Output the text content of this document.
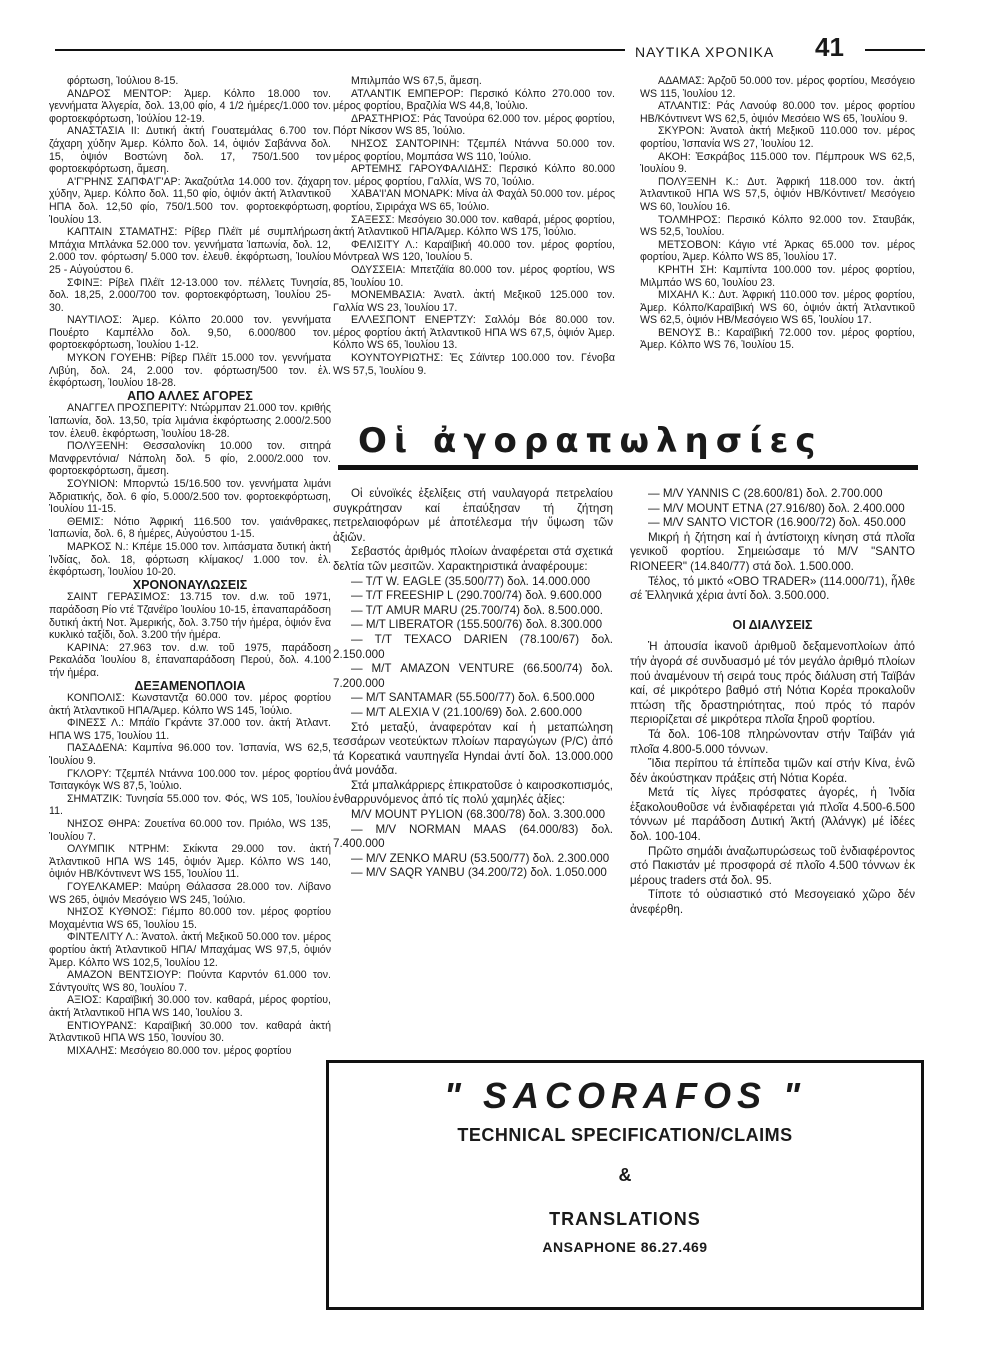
ΝΑΥΤΙΚΑ ΧΡΟΝΙΚΑ 41

φόρτωση, Ἰούλιου 8-15.

ΑΝΔΡΟΣ ΜΕΝΤΟΡ: Ἀμερ. Κόλπο 18.000 τον. γεννήματα Ἀλγερία, δολ. 13,00 φίο, 4 1/2 ἡμέρες/1.000 τον. φορτοεκφόρτωση, Ἰούλίου 12-19.

ΑΝΑΣΤΑΣΙΑ ΙΙ: Δυτική ἀκτή Γουατεμάλας 6.700 τον. ζάχαρη χύδην Ἀμερ. Κόλπο δολ. 14, ὀψιόν Σαβάννα δολ. 15, ὀψιόν Βοστώνη δολ. 17, 750/1.500 τον φορτοεκφόρτωση, ἄμεση.

Α'Γ'ΡΗΝΣ ΣΑΠΦΑ'Γ'ΑΡ: Ἀκαζούτλα 14.000 τον. ζάχαρη χύδην, Ἀμερ. Κόλπο δολ. 11,50 φίο, ὀψιόν ἀκτή Ἀτλαντικοῦ ΗΠΑ δολ. 12,50 φίο, 750/1.500 τον. φορτοεκφόρτωση, Ἰουλίου 13.

ΚΑΠΤΑΙΝ ΣΤΑΜΑΤΗΣ: Ρίβερ Πλέϊτ μέ συμπλήρωση Μπάχια Μπλάνκα 52.000 τον. γεννήματα Ἰαπωνία, δολ. 12, 2.000 τον. φόρτωση/ 5.000 τον. ἐλευθ. ἐκφόρτωση, Ἰουλίου 25 - Αὐγούστου 6.

ΣΦΙΝΞ: Ρίβελ Πλέϊτ 12-13.000 τον. πέλλετς Τυνησία, δολ. 18,25, 2.000/700 τον. φορτοεκφόρτωση, Ἰουλίου 25-30.

ΝΑΥΤΙΛΟΣ: Ἀμερ. Κόλπο 20.000 τον. γεννήματα Πουέρτο Καμπέλλο δολ. 9,50, 6.000/800 τον. φορτοεκφόρτωση, Ἰουλίου 1-12.

ΜΥΚΟΝ ΓΟΥΕΗΒ: Ρίβερ Πλέϊτ 15.000 τον. γεννήματα Λιβύη, δολ. 24, 2.000 τον. φόρτωση/500 τον. ἐλ. ἐκφόρτωση, Ἰουλίου 18-28.

ΑΠΟ ΑΛΛΕΣ ΑΓΟΡΕΣ

ΑΝΑΓΓΕΛ ΠΡΟΣΠΕΡΙΤΥ: Ντώρμπαν 21.000 τον. κριθής Ἰαπωνία, δολ. 13,50, τρία λιμάνια ἐκφόρτωσης 2.000/2.500 τον. ἐλευθ. ἐκφόρτωση, Ἰουλίου 18-28.

ΠΟΛΥΞΕΝΗ: Θεσσαλονίκη 10.000 τον. σιτηρά Μανφρεντόνια/ Νάπολη δολ. 5 φίο, 2.000/2.000 τον. φορτοεκφόρτωση, ἄμεση.

ΣΟΥΝΙΟΝ: Μπορντώ 15/16.500 τον. γεννήματα λιμάνι Ἀδριατικής, δολ. 6 φίο, 5.000/2.500 τον. φορτοεκφόρτωση, Ἰουλίου 11-15.

ΘΕΜΙΣ: Νότιο Ἀφρική 116.500 τον. γαιάνθρακες, Ἰαπωνία, δολ. 6, 8 ἡμέρες, Αὐγούστου 1-15.

ΜΑΡΚΟΣ Ν.: Κπέμε 15.000 τον. λιπάσματα δυτική ἀκτή Ἰνδίας, δολ. 18, φόρτωση κλίμακος/ 1.000 τον. ἐλ. ἐκφόρτωση, Ἰουλίου 10-20.

ΧΡΟΝΟΝΑΥΛΩΣΕΙΣ

ΣΑΙΝΤ ΓΕΡΑΣΙΜΟΣ: 13.715 τον. d.w. τοῦ 1971, παράδοση Ρίο ντέ Τζανέϊρο Ἰουλίου 10-15, ἐπαναπαράδοση δυτική ἀκτή Νοτ. Ἀμερικής, δολ. 3.750 τήν ἡμέρα, ὀψιόν ἕνα κυκλικό ταξίδι, δολ. 3.200 τήν ἡμέρα.

ΚΑΡΙΝΑ: 27.963 τον. d.w. τοῦ 1975, παράδοση Ρεκαλάδα Ἰουλίου 8, ἐπαναπαράδοση Περού, δολ. 4.100 τήν ἡμέρα.

ΔΕΞΑΜΕΝΟΠΛΟΙΑ

ΚΟΝΠΟΛΙΣ: Κωνσταντζα 60.000 τον. μέρος φορτίου ἀκτή Ἀτλαντικοῦ ΗΠΑ/Ἀμερ. Κόλπο WS 145, Ἰούλιο.

ΦΙΝΕΣΣ Λ.: Μπάϊο Γκράντε 37.000 τον. ἀκτή Ἀτλαντ. ΗΠΑ WS 175, Ἰουλίου 11.

ΠΑΣΑΔΕΝΑ: Καμπίνα 96.000 τον. Ἰσπανία, WS 62,5, Ἰουλίου 9.

ΓΚΛΟΡΥ: Τζεμπέλ Ντάννα 100.000 τον. μέρος φορτίου Τσιταγκόγκ WS 87,5, Ἰούλιο.

ΣΗΜΑΤΖΙΚ: Τυνησία 55.000 τον. Φός, WS 105, Ἰουλίου 11.

ΝΗΣΟΣ ΘΗΡΑ: Ζουετίνα 60.000 τον. Πριόλο, WS 135, Ἰουλίου 7.

ΟΛΥΜΠΙΚ ΝΤΡΗΜ: Σκίκντα 29.000 τον. ἀκτή Ἀτλαντικοῦ ΗΠΑ WS 145, ὀψιόν Ἀμερ. Κόλπο WS 140, ὀψιόν ΗΒ/Κόντινεντ WS 155, Ἰουλίου 11.

ΓΟΥΕΛΚΑΜΕΡ: Μαύρη Θάλασσα 28.000 τον. Λίβανο WS 265, ὀψιόν Μεσόγειο WS 245, Ἰούλιο.

ΝΗΣΟΣ ΚΥΘΝΟΣ: Γιέμπο 80.000 τον. μέρος φορτίου Μοχαμέντια WS 65, Ἰουλίου 15.

ΦΙΝΤΕΛΙΤΥ Λ.: Ἀνατολ. ἀκτή Μεξικοῦ 50.000 τον. μέρος φορτίου ἀκτή Ἀτλαντικοῦ ΗΠΑ/ Μπαχάμας WS 97,5, ὀψιόν Ἀμερ. Κόλπο WS 102,5, Ἰουλίου 12.

ΑΜΑΖΟΝ ΒΕΝΤΣΙΟΥΡ: Πούντα Καρντόν 61.000 τον. Σάντγουϊτς WS 80, Ἰουλίου 7.

ΑΞΙΟΣ: Καραϊβική 30.000 τον. καθαρά, μέρος φορτίου, ἀκτή Ἀτλαντικοῦ ΗΠΑ WS 140, Ἰουλίου 3.

ΕΝΤΙΟΥΡΑΝΣ: Καραϊβική 30.000 τον. καθαρά ἀκτή Ἀτλαντικοῦ ΗΠΑ WS 150, Ἰουνίου 30.

ΜΙΧΑΛΗΣ: Μεσόγειο 80.000 τον. μέρος φορτίου

Μπιλμπάο WS 67,5, ἄμεση.

ΑΤΛΑΝΤΙΚ ΕΜΠΕΡΟΡ: Περσικό Κόλπο 270.000 τον. μέρος φορτίου, Βραζιλία WS 44,8, Ἰούλιο.

ΔΡΑΣΤΗΡΙΟΣ: Ράς Τανούρα 62.000 τον. μέρος φορτίου, Πόρτ Νίκσον WS 85, Ἰούλιο.

ΝΗΣΟΣ ΣΑΝΤΟΡΙΝΗ: Τζεμπέλ Ντάννα 50.000 τον. μέρος φορτίου, Μομπάσα WS 110, Ἰούλιο.

ΑΡΤΕΜΗΣ ΓΑΡΟΥΦΑΛΙΔΗΣ: Περσικό Κόλπο 80.000 τον. μέρος φορτίου, Γαλλία, WS 70, Ἰούλιο.

ΧΑΒΑ'Ι'ΑΝ ΜΟΝΑΡΚ: Μίνα ἀλ Φαχάλ 50.000 τον. μέρος φορτίου, Σιριράχα WS 65, Ἰούλιο.

ΣΑΞΕΣΣ: Μεσόγειο 30.000 τον. καθαρά, μέρος φορτίου, ἀκτή Ἀτλαντικοῦ ΗΠΑ/Ἀμερ. Κόλπο WS 175, Ἰούλιο.

ΦΕΛΙΣΙΤΥ Λ.: Καραϊβική 40.000 τον. μέρος φορτίου, Μόντρεαλ WS 120, Ἰουλίου 5.

ΟΔΥΣΣΕΙΑ: Μπετζάϊα 80.000 τον. μέρος φορτίου, WS 85, Ἰουλίου 10.

ΜΟΝΕΜΒΑΣΙΑ: Ἀνατλ. ἀκτή Μεξικοῦ 125.000 τον. Γαλλία WS 23, Ἰουλίου 17.

ΕΛΛΕΣΠΟΝΤ ΕΝΕΡΤΖΥ: Σαλλόμ Βόε 80.000 τον. μέρος φορτίου ἀκτή Ἀτλαντικοῦ ΗΠΑ WS 67,5, ὀψιόν Ἀμερ. Κόλπο WS 65, Ἰουλίου 13.

ΚΟΥΝΤΟΥΡΙΩΤΗΣ: Ἐς Σάϊντερ 100.000 τον. Γένοβα WS 57,5, Ἰουλίου 9.

ΑΔΑΜΑΣ: Ἀρζοῦ 50.000 τον. μέρος φορτίου, Μεσόγειο WS 115, Ἰουλίου 12.

ΑΤΛΑΝΤΙΣ: Ράς Λανούφ 80.000 τον. μέρος φορτίου ΗΒ/Κόντινεντ WS 62,5, ὀψιόν Μεσόειο WS 65, Ἰουλίου 9.

ΣΚΥΡΟΝ: Ἀνατολ ἀκτή Μεξικοῦ 110.000 τον. μέρος φορτίου, Ἰσπανία WS 27, Ἰουλίου 12.

ΑΚΟΗ: Ἐσκράβος 115.000 τον. Πέμπρουκ WS 62,5, Ἰουλίου 9.

ΠΟΛΥΞΕΝΗ Κ.: Δυτ. Ἀφρική 118.000 τον. ἀκτή Ἀτλαντικοῦ ΗΠΑ WS 57,5, ὀψιόν ΗΒ/Κόντινετ/ Μεσόγειο WS 60, Ἰουλίου 16.

ΤΟΛΜΗΡΟΣ: Περσικό Κόλπο 92.000 τον. Σταυβάκ, WS 52,5, Ἰουλίου.

ΜΕΤΣΟΒΟΝ: Κάγιο ντέ Ἀρκας 65.000 τον. μέρος φορτίου, Ἀμερ. Κόλπο WS 85, Ἰουλίου 17.

ΚΡΗΤΗ ΣΗ: Καμπίντα 100.000 τον. μέρος φορτίου, Μιλμπάο WS 60, Ἰουλίου 23.

ΜΙΧΑΗΛ Κ.: Δυτ. Ἀφρική 110.000 τον. μέρος φορτίου, Ἀμερ. Κόλπο/Καραϊβική WS 60, ὀψιόν ἀκτή Ἀτλαντικοῦ WS 62,5, ὀψιόν ΗΒ/Μεσόγειο WS 65, Ἰουλίου 17.

ΒΕΝΟΥΣ Β.: Καραϊβική 72.000 τον. μέρος φορτίου, Ἀμερ. Κόλπο WS 76, Ἰουλίου 15.

Οἱ ἀγοραπωλησίες

Οἱ εὐνοϊκές ἐξελίξεις στή ναυλαγορά πετρελαίου συγκράτησαν καί ἐπαύξησαν τή ζήτηση πετρελαιοφόρων μέ ἀποτέλεσμα τήν ὕψωση τῶν ἀξιῶν.

Σεβαστός ἀριθμός πλοίων ἀναφέρεται στά σχετικά δελτία τῶν μεσιτῶν. Χαρακτηριστικά ἀναφέρουμε:

— Τ/Τ W. EAGLE (35.500/77) δολ. 14.000.000

— Τ/Τ FREESHIP L (290.700/74) δολ. 9.600.000

— Τ/Τ AMUR MARU (25.700/74) δολ. 8.500.000.

— Μ/Τ LIBERATOR (155.500/76) δολ. 8.300.000

— Τ/Τ TEXACO DARIEN (78.100/67) δολ. 2.150.000

— Μ/Τ AMAZON VENTURE (66.500/74) δολ. 7.200.000

— Μ/Τ SANTAMAR (55.500/77) δολ. 6.500.000

— Μ/Τ ALEXIA V (21.100/69) δολ. 2.600.000

Στό μεταξύ, ἀναφερόταν καί ἡ μεταπώληση τεσσάρων νεοτεύκτων πλοίων παραγώγων (P/C) ἀπό τά Κορεατικά ναυπηγεῖα Hyndai ἀντί δολ. 13.000.000 ἀνά μονάδα.

Στά μπαλκάρριερς ἐπικρατοῦσε ὁ καιροσκοπισμός, ἐνθαρρυνόμενος ἀπό τίς πολύ χαμηλές ἀξίες:

Μ/V MOUNT PYLION (68.300/78) δολ. 3.300.000

— Μ/V NORMAN MAAS (64.000/83) δολ. 7.400.000

— Μ/V ZENKO MARU (53.500/77) δολ. 2.300.000

— Μ/V SAQR YANBU (34.200/72) δολ. 1.050.000

— Μ/V YANNIS C (28.600/81) δολ. 2.700.000

— Μ/V MOUNT ETNA (27.916/80) δολ. 2.400.000

— Μ/V SANTO VICTOR (16.900/72) δολ. 450.000

Μικρή ἡ ζήτηση καί ἡ ἀντίστοιχη κίνηση στά πλοῖα γενικοῦ φορτίου. Σημειώσαμε τό Μ/V "SANTO RIONEER" (14.840/77) στά δολ. 1.500.000.

Τέλος, τό μικτό «ΟΒΟ TRADER» (114.000/71), ἦλθε σέ Ἑλληνικά χέρια ἀντί δολ. 3.500.000.

ΟΙ ΔΙΑΛΥΣΕΙΣ

Ἡ ἀπουσία ἱκανοῦ ἀριθμοῦ δεξαμενοπλοίων ἀπό τήν ἀγορά σέ συνδυασμό μέ τόν μεγάλο ἀριθμό πλοίων πού ἀναμένουν τή σειρά τους πρός διάλυση στή Ταϊβάν καί, σέ μικρότερο βαθμό στή Νότια Κορέα προκαλοῦν πτώση τῆς δραστηριότητας, πού πρός τό παρόν περιορίζεται σέ μικρότερα πλοῖα ξηροῦ φορτίου.

Τά δολ. 106-108 πληρώνονταν στήν Ταϊβάν γιά πλοῖα 4.800-5.000 τόννων.

Ἴδια περίπου τά ἐπίπεδα τιμῶν καί στήν Κίνα, ἐνῶ δέν ἀκούστηκαν πράξεις στή Νότια Κορέα.

Μετά τίς λίγες πρόσφατες ἀγορές, ἡ Ἰνδία ἐξακολουθοῦσε νά ἐνδιαφέρεται γιά πλοῖα 4.500-6.500 τόννων μέ παράδοση Δυτική Ἀκτή (Ἀλάνγκ) μέ ἰδέες δολ. 100-104.

Πρῶτο σημάδι ἀναζωπυρώσεως τοῦ ἐνδιαφέροντος στό Πακιστάν μέ προσφορά σέ πλοῖο 4.500 τόννων ἐκ μέρους traders στά δολ. 95.

Τίποτε τό οὐσιαστικό στό Μεσογειακό χῶρο δέν ἀνεφέρθη.

" SACORAFOS "
TECHNICAL SPECIFICATION/CLAIMS
&
TRANSLATIONS
ANSAPHONE 86.27.469
